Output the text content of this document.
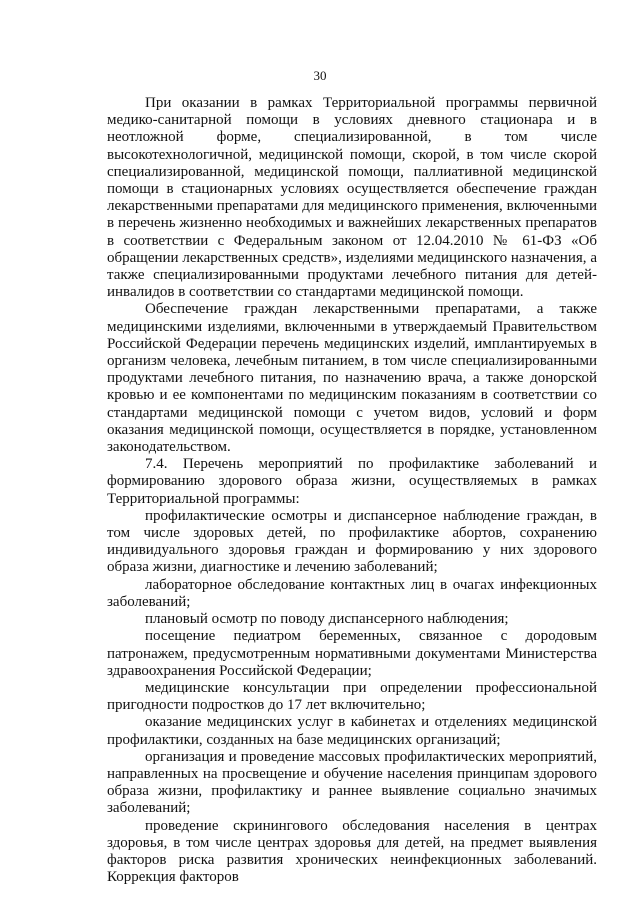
30

При оказании в рамках Территориальной программы первичной медико-санитарной помощи в условиях дневного стационара и в неотложной форме, специализированной, в том числе высокотехнологичной, медицинской помощи, скорой, в том числе скорой специализированной, медицинской помощи, паллиативной медицинской помощи в стационарных условиях осуществляется обеспечение граждан лекарственными препаратами для медицинского применения, включенными в перечень жизненно необходимых и важнейших лекарственных препаратов в соответствии с Федеральным законом от 12.04.2010 № 61-ФЗ «Об обращении лекарственных средств», изделиями медицинского назначения, а также специализированными продуктами лечебного питания для детей-инвалидов в соответствии со стандартами медицинской помощи.

Обеспечение граждан лекарственными препаратами, а также медицинскими изделиями, включенными в утверждаемый Правительством Российской Федерации перечень медицинских изделий, имплантируемых в организм человека, лечебным питанием, в том числе специализированными продуктами лечебного питания, по назначению врача, а также донорской кровью и ее компонентами по медицинским показаниям в соответствии со стандартами медицинской помощи с учетом видов, условий и форм оказания медицинской помощи, осуществляется в порядке, установленном законодательством.

7.4. Перечень мероприятий по профилактике заболеваний и формированию здорового образа жизни, осуществляемых в рамках Территориальной программы:

профилактические осмотры и диспансерное наблюдение граждан, в том числе здоровых детей, по профилактике абортов, сохранению индивидуального здоровья граждан и формированию у них здорового образа жизни, диагностике и лечению заболеваний;

лабораторное обследование контактных лиц в очагах инфекционных заболеваний;

плановый осмотр по поводу диспансерного наблюдения;

посещение педиатром беременных, связанное с дородовым патронажем, предусмотренным нормативными документами Министерства здравоохранения Российской Федерации;

медицинские консультации при определении профессиональной пригодности подростков до 17 лет включительно;

оказание медицинских услуг в кабинетах и отделениях медицинской профилактики, созданных на базе медицинских организаций;

организация и проведение массовых профилактических мероприятий, направленных на просвещение и обучение населения принципам здорового образа жизни, профилактику и раннее выявление социально значимых заболеваний;

проведение скринингового обследования населения в центрах здоровья, в том числе центрах здоровья для детей, на предмет выявления факторов риска развития хронических неинфекционных заболеваний. Коррекция факторов
